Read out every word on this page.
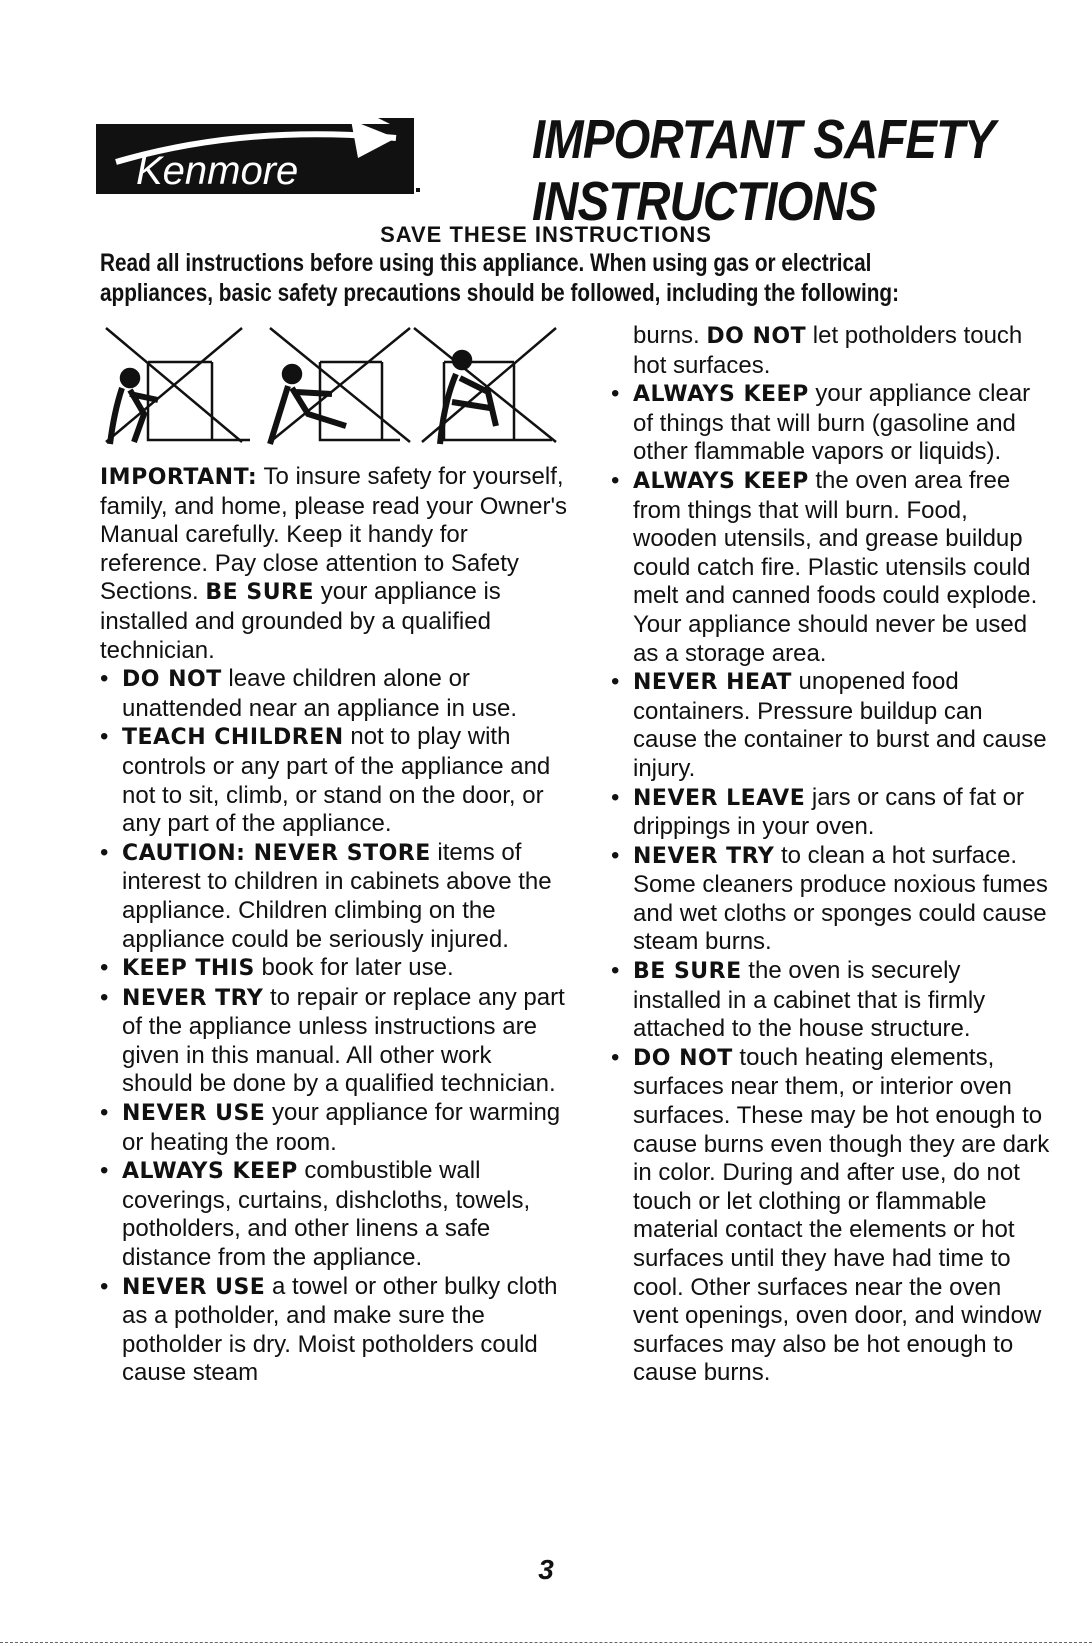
Kenmore
IMPORTANT SAFETY
INSTRUCTIONS
SAVE THESE INSTRUCTIONS
Read all instructions before using this appliance. When using gas or electrical
appliances, basic safety precautions should be followed, including the following:

IMPORTANT: To insure safety for yourself, family, and home, please read your Owner's Manual carefully. Keep it handy for reference. Pay close attention to Safety Sections. BE SURE your appliance is installed and grounded by a qualified technician.

• DO NOT leave children alone or unattended near an appliance in use.
• TEACH CHILDREN not to play with controls or any part of the appliance and not to sit, climb, or stand on the door, or any part of the appliance.
• CAUTION: NEVER STORE items of interest to children in cabinets above the appliance. Children climbing on the appliance could be seriously injured.
• KEEP THIS book for later use.
• NEVER TRY to repair or replace any part of the appliance unless instructions are given in this manual. All other work should be done by a qualified technician.
• NEVER USE your appliance for warming or heating the room.
• ALWAYS KEEP combustible wall coverings, curtains, dishcloths, towels, potholders, and other linens a safe distance from the appliance.
• NEVER USE a towel or other bulky cloth as a potholder, and make sure the potholder is dry. Moist potholders could cause steam
burns. DO NOT let potholders touch hot surfaces.
• ALWAYS KEEP your appliance clear of things that will burn (gasoline and other flammable vapors or liquids).
• ALWAYS KEEP the oven area free from things that will burn. Food, wooden utensils, and grease buildup could catch fire. Plastic utensils could melt and canned foods could explode. Your appliance should never be used as a storage area.
• NEVER HEAT unopened food containers. Pressure buildup can cause the container to burst and cause injury.
• NEVER LEAVE jars or cans of fat or drippings in your oven.
• NEVER TRY to clean a hot surface. Some cleaners produce noxious fumes and wet cloths or sponges could cause steam burns.
• BE SURE the oven is securely installed in a cabinet that is firmly attached to the house structure.
• DO NOT touch heating elements, surfaces near them, or interior oven surfaces. These may be hot enough to cause burns even though they are dark in color. During and after use, do not touch or let clothing or flammable material contact the elements or hot surfaces until they have had time to cool. Other surfaces near the oven vent openings, oven door, and window surfaces may also be hot enough to cause burns.
3
